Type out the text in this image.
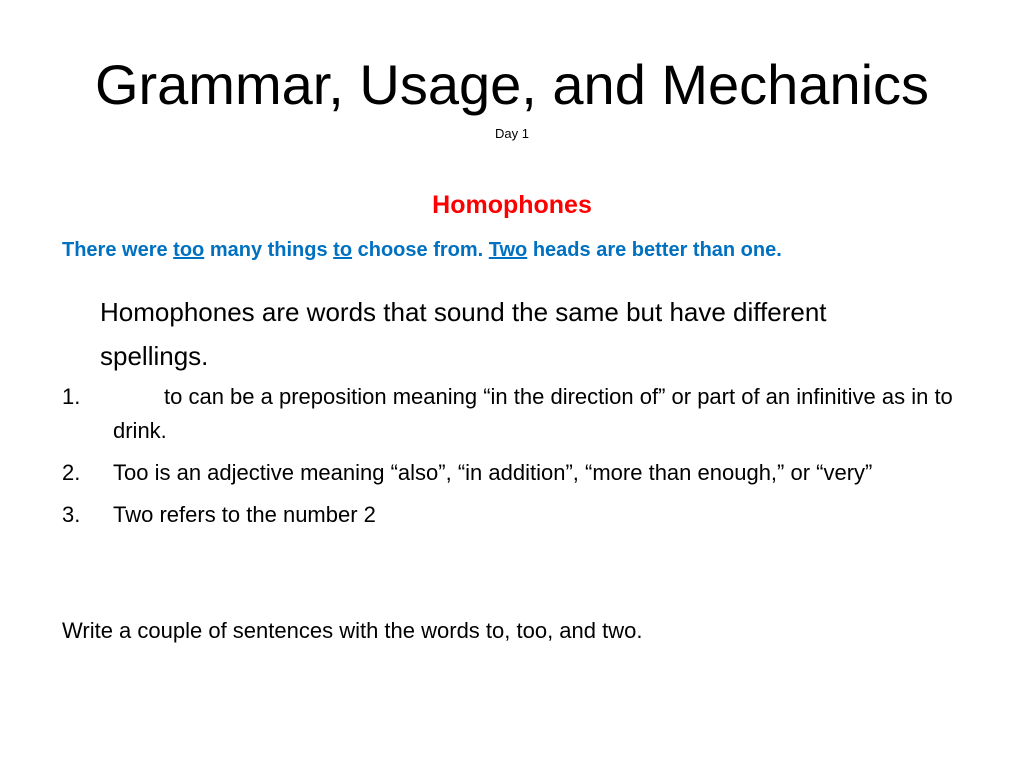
Grammar, Usage, and Mechanics
Day 1
Homophones
There were too many things to choose from. Two heads are better than one.
Homophones are words that sound the same but have different spellings.
1.	to can be a preposition meaning “in the direction of” or part of an infinitive as in to drink.
2. Too is an adjective meaning “also”, “in addition”, “more than enough,” or “very”
3. Two refers to the number 2
Write a couple of sentences with the words to, too, and two.
